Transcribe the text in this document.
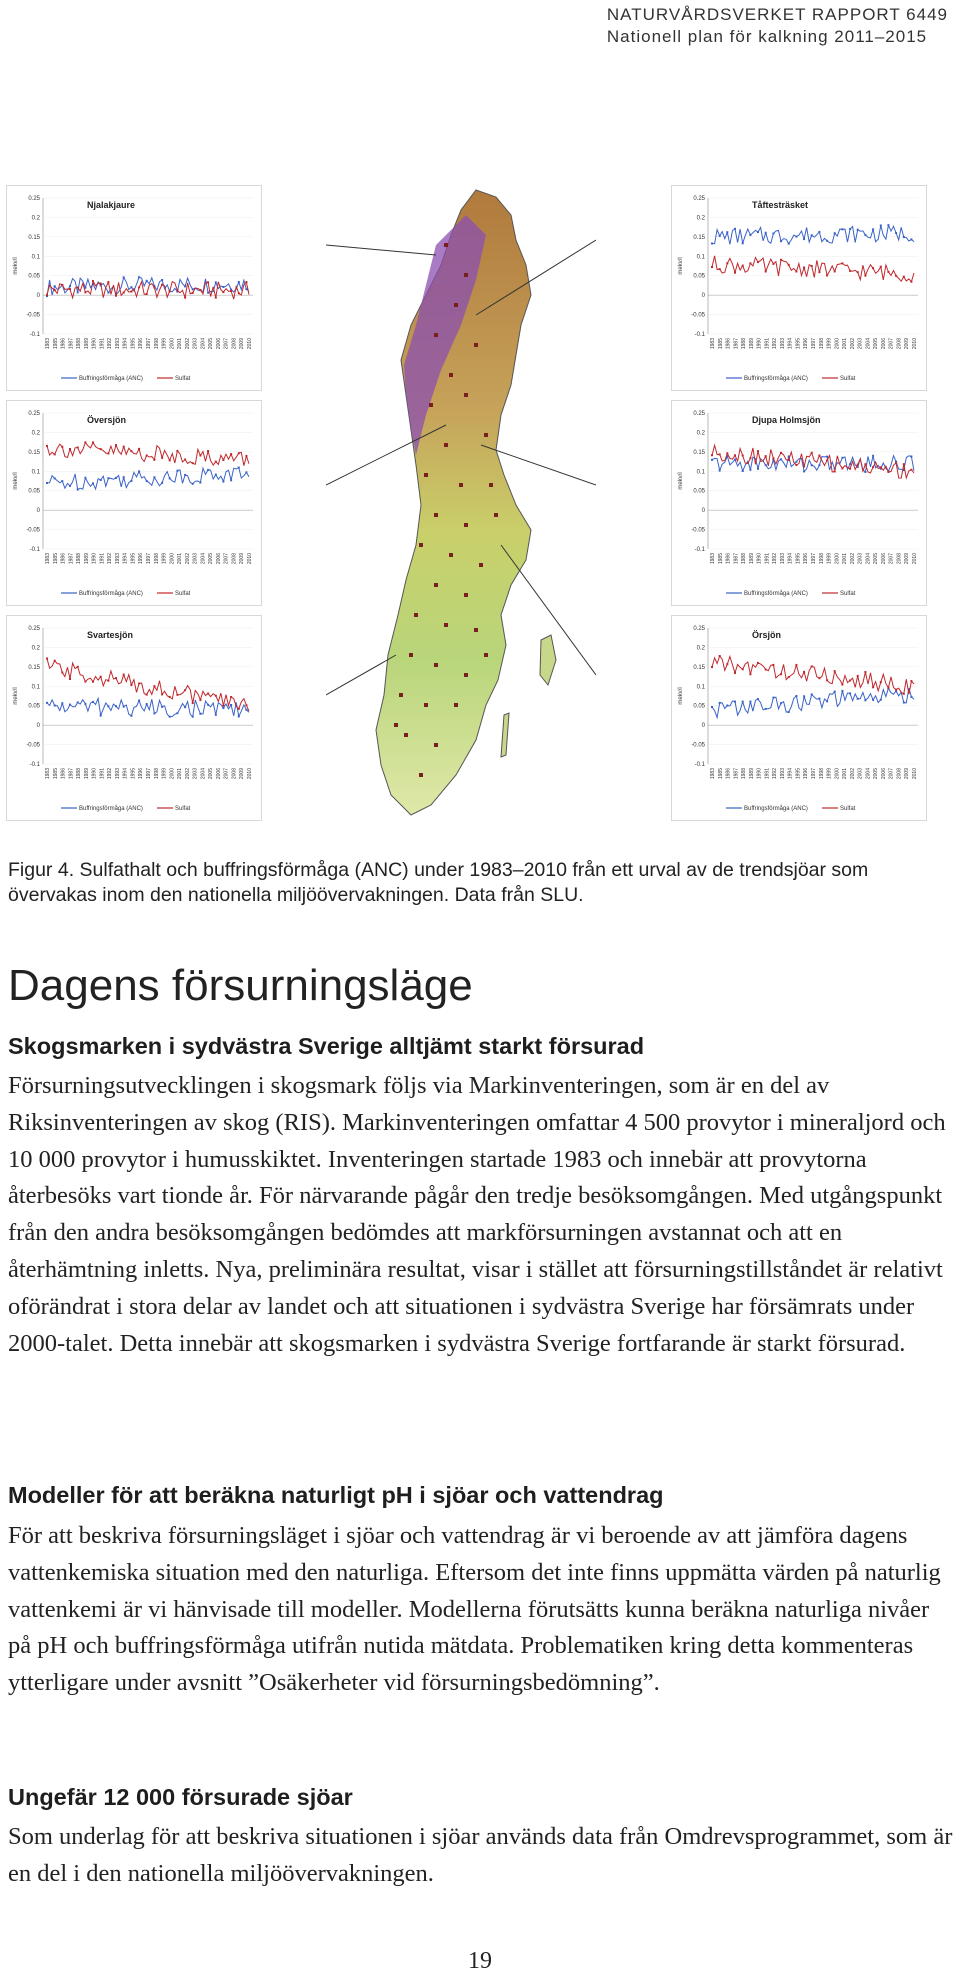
NATURVÅRDSVERKET RAPPORT 6449
Nationell plan för kalkning 2011–2015
Njalakjaure
mekv/l
0.25
0.2
0.15
0.1
0.05
0
-0.05
-0.1
1983 1985 1986 1987 1988 1989 1990 1991 1992 1993 1994 1995 1996 1997 1998 1999 2000 2001 2002 2003 2004 2005 2006 2007 2008 2009 2010
Buffringsförmåga (ANC)	Sulfat
Tåftesträsket
mekv/l
0.25
0.2
0.15
0.1
0.05
0
-0.05
-0.1
1983 1985 1986 1987 1988 1989 1990 1991 1992 1993 1994 1995 1996 1997 1998 1999 2000 2001 2002 2003 2004 2005 2006 2007 2008 2009 2010
Buffringsförmåga (ANC)	Sulfat
Översjön
mekv/l
0.25
0.2
0.15
0.1
0.05
0
-0.05
-0.1
1983 1985 1986 1987 1988 1989 1990 1991 1992 1993 1994 1995 1996 1997 1998 1999 2000 2001 2002 2003 2004 2005 2006 2007 2008 2009 2010
Buffringsförmåga (ANC)	Sulfat
Djupa Holmsjön
mekv/l
0.25
0.2
0.15
0.1
0.05
0
-0.05
-0.1
1983 1985 1986 1987 1988 1989 1990 1991 1992 1993 1994 1995 1996 1997 1998 1999 2000 2001 2002 2003 2004 2005 2006 2007 2008 2009 2010
Buffringsförmåga (ANC)	Sulfat
Svartesjön
mekv/l
0.25
0.2
0.15
0.1
0.05
0
-0.05
-0.1
1983 1985 1986 1987 1988 1989 1990 1991 1992 1993 1994 1995 1996 1997 1998 1999 2000 2001 2002 2003 2004 2005 2006 2007 2008 2009 2010
Buffringsförmåga (ANC)	Sulfat
Örsjön
mekv/l
0.25
0.2
0.15
0.1
0.05
0
-0.05
-0.1
1983 1985 1986 1987 1988 1989 1990 1991 1992 1993 1994 1995 1996 1997 1998 1999 2000 2001 2002 2003 2004 2005 2006 2007 2008 2009 2010
Buffringsförmåga (ANC)	Sulfat
Figur 4. Sulfathalt och buffringsförmåga (ANC) under 1983–2010 från ett urval av de trendsjöar som övervakas inom den nationella miljöövervakningen. Data från SLU.
Dagens försurningsläge
Skogsmarken i sydvästra Sverige alltjämt starkt försurad

Försurningsutvecklingen i skogsmark följs via Markinventeringen, som är en del av Riksinventeringen av skog (RIS). Markinventeringen omfattar 4 500 provytor i mineraljord och 10 000 provytor i humusskiktet. Inventeringen startade 1983 och innebär att provytorna återbesöks vart tionde år. För närvarande pågår den tredje besöksomgången. Med utgångspunkt från den andra besöksomgången bedömdes att markförsurningen avstannat och att en återhämtning inletts. Nya, preliminära resultat, visar i stället att försurningstillståndet är relativt oförändrat i stora delar av landet och att situationen i sydvästra Sverige har försämrats under 2000-talet. Detta innebär att skogsmarken i sydvästra Sverige fortfarande är starkt försurad.

Modeller för att beräkna naturligt pH i sjöar och vattendrag

För att beskriva försurningsläget i sjöar och vattendrag är vi beroende av att jämföra dagens vattenkemiska situation med den naturliga. Eftersom det inte finns uppmätta värden på naturlig vattenkemi är vi hänvisade till modeller. Modellerna förutsätts kunna beräkna naturliga nivåer på pH och buffringsförmåga utifrån nutida mätdata. Problematiken kring detta kommenteras ytterligare under avsnitt ”Osäkerheter vid försurningsbedömning”.

Ungefär 12 000 försurade sjöar

Som underlag för att beskriva situationen i sjöar används data från Omdrevsprogrammet, som är en del i den nationella miljöövervakningen.

19
